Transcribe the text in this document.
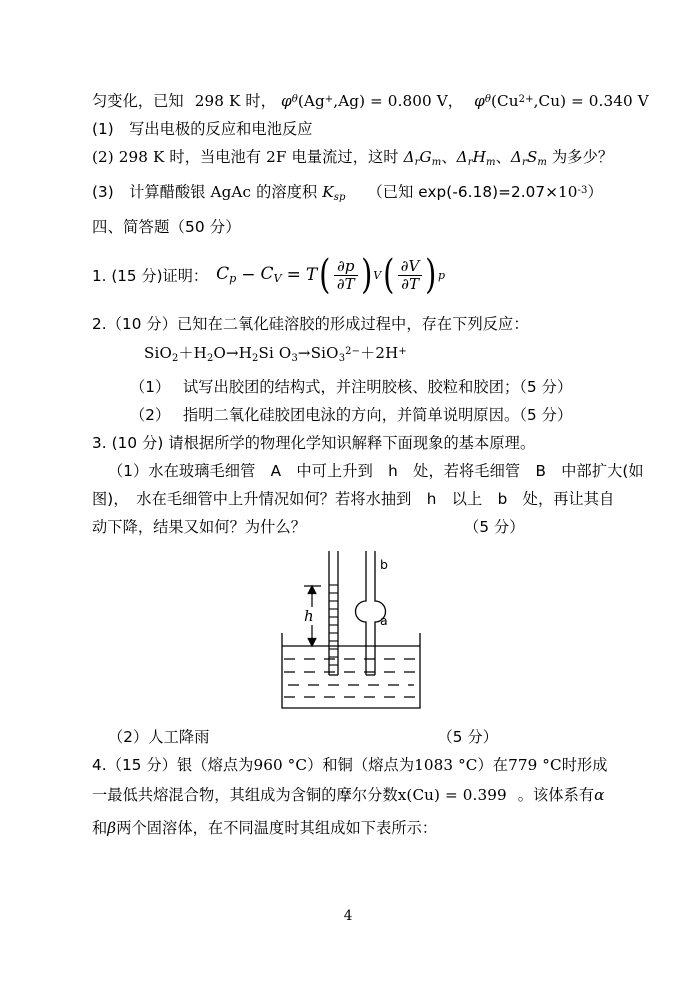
匀变化，已知 298 K 时， $\varphi^\theta(Ag^+,Ag) = 0.800$ V， $\varphi^\theta(Cu^{2+},Cu) = 0.340$ V
(1)　写出电极的反应和电池反应
(2) 298 K 时，当电池有 2F 电量流过，这时 $\Delta_rG_m$、$\Delta_rH_m$、$\Delta_rS_m$ 为多少？
(3)　计算醋酸银 AgAc 的溶度积 $K_{sp}$ （已知 $\exp(-6.18)=2.07\times 10^{-3}$）
四、简答题（50 分）
1. (15 分)证明： $C_p - C_V = T$ ( $\frac{\partial p}{\partial T}$ ) V ( $\frac{\partial V}{\partial T}$ ) p
2.（10 分）已知在二氧化硅溶胶的形成过程中，存在下列反应：
$SiO_2+H_2O\to H_2Si$ $O_3\to SiO_3^{2-}+2H^+$
（1）　 试写出胶团的结构式，并注明胶核、胶粒和胶团；（5 分）
（2）　 指明二氧化硅胶团电泳的方向，并简单说明原因。（5 分）
3. (10 分) 请根据所学的物理化学知识解释下面现象的基本原理。
（1）水在玻璃毛细管　A　中可上升到　h　处，若将毛细管　B　中部扩大(如
图)，　水在毛细管中上升情况如何？若将水抽到　h　以上　b　处，再让其自
动下降，结果又如何？为什么？	（5 分）
h
b
a
（2）人工降雨	（5 分）
4.（15 分）银（熔点为960 °C）和铜（熔点为1083 °C）在779 °C时形成
一最低共熔混合物，其组成为含铜的摩尔分数x(Cu) = 0.399 。该体系有α
和β两个固溶体，在不同温度时其组成如下表所示：
4
